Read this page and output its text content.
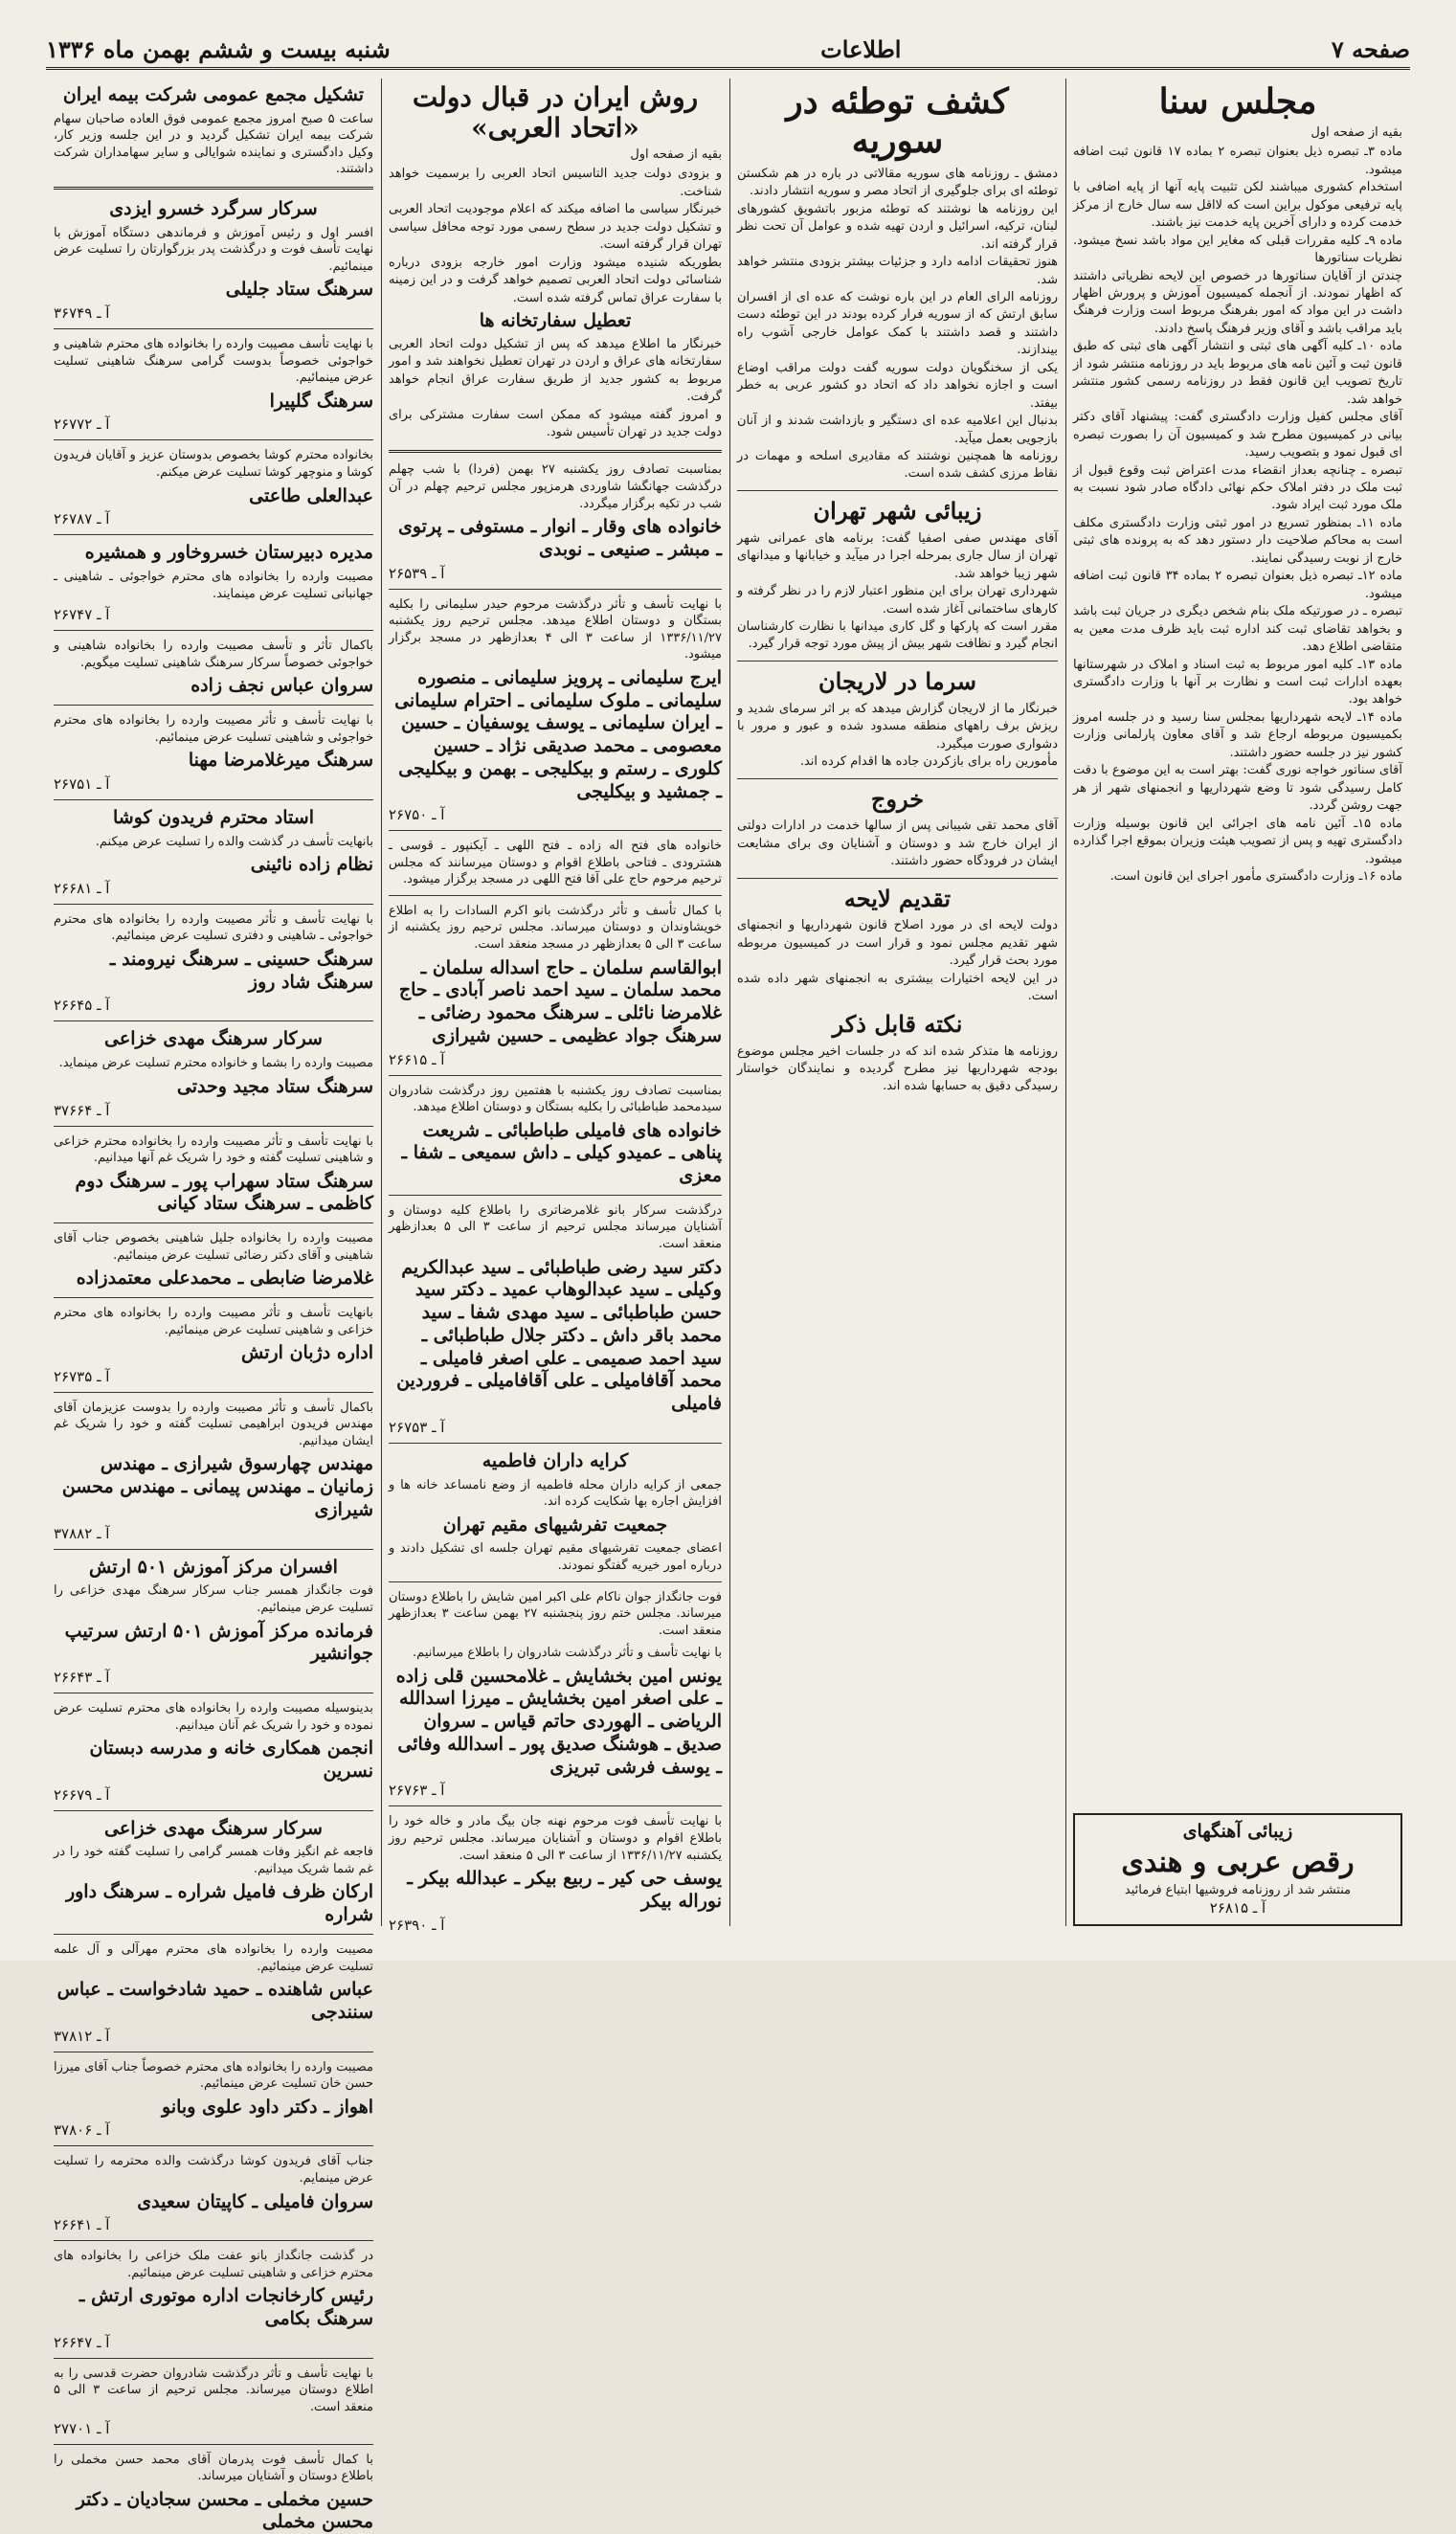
صفحه ۷
اطلاعات
شنبه بیست و ششم بهمن ماه ۱۳۳۶
مجلس سنا
بقیه از صفحه اول

ماده ۳ـ تبصره ذیل بعنوان تبصره ۲ بماده ۱۷ قانون ثبت اضافه میشود.

استخدام کشوری میباشند لکن تثبیت پایه آنها از پایه اضافی با پایه ترفیعی موکول براین است که لااقل سه سال خارج از مرکز خدمت کرده و دارای آخرین پایه خدمت نیز باشند.

ماده ۹ـ کلیه مقررات قبلی که مغایر این مواد باشد نسخ میشود. نظریات سناتورها

چندتن از آقایان سناتورها در خصوص این لایحه نظریاتی داشتند که اظهار نمودند. از آنجمله کمیسیون آموزش و پرورش اظهار داشت در این مواد که امور بفرهنگ مربوط است وزارت فرهنگ باید مراقب باشد و آقای وزیر فرهنگ پاسخ دادند.

ماده ۱۰ـ کلیه آگهی های ثبتی و انتشار آگهی های ثبتی که طبق قانون ثبت و آئین نامه های مربوط باید در روزنامه منتشر شود از تاریخ تصویب این قانون فقط در روزنامه رسمی کشور منتشر خواهد شد.

آقای مجلس کفیل وزارت دادگستری گفت: پیشنهاد آقای دکتر بیانی در کمیسیون مطرح شد و کمیسیون آن را بصورت تبصره ای قبول نمود و بتصویب رسید.

تبصره ـ چنانچه بعداز انقضاء مدت اعتراض ثبت وقوع قبول از ثبت ملک در دفتر املاک حکم نهائی دادگاه صادر شود نسبت به ملک مورد ثبت ایراد شود.

ماده ۱۱ـ بمنظور تسریع در امور ثبتی وزارت دادگستری مکلف است به محاکم صلاحیت دار دستور دهد که به پرونده های ثبتی خارج از نوبت رسیدگی نمایند.

ماده ۱۲ـ تبصره ذیل بعنوان تبصره ۲ بماده ۳۴ قانون ثبت اضافه میشود.

تبصره ـ در صورتیکه ملک بنام شخص دیگری در جریان ثبت باشد و بخواهد تقاضای ثبت کند اداره ثبت باید ظرف مدت معین به متقاضی اطلاع دهد.

ماده ۱۳ـ کلیه امور مربوط به ثبت اسناد و املاک در شهرستانها بعهده ادارات ثبت است و نظارت بر آنها با وزارت دادگستری خواهد بود.

ماده ۱۴ـ لایحه شهرداریها بمجلس سنا رسید و در جلسه امروز بکمیسیون مربوطه ارجاع شد و آقای معاون پارلمانی وزارت کشور نیز در جلسه حضور داشتند.

آقای سناتور خواجه نوری گفت: بهتر است به این موضوع با دقت کامل رسیدگی شود تا وضع شهرداریها و انجمنهای شهر از هر جهت روشن گردد.

ماده ۱۵ـ آئین نامه های اجرائی این قانون بوسیله وزارت دادگستری تهیه و پس از تصویب هیئت وزیران بموقع اجرا گذارده میشود.

ماده ۱۶ـ وزارت دادگستری مأمور اجرای این قانون است.

زیبائی آهنگهای
رقص عربی و هندی
منتشر شد از روزنامه فروشیها ابتیاع فرمائید
آ ـ ۲۶۸۱۵
کشف توطئه در سوریه

دمشق ـ روزنامه های سوریه مقالاتی در باره در هم شکستن توطئه ای برای جلوگیری از اتحاد مصر و سوریه انتشار دادند.

این روزنامه ها نوشتند که توطئه مزبور باتشویق کشورهای لبنان، ترکیه، اسرائیل و اردن تهیه شده و عوامل آن تحت نظر قرار گرفته اند.

هنوز تحقیقات ادامه دارد و جزئیات بیشتر بزودی منتشر خواهد شد.

روزنامه الرای العام در این باره نوشت که عده ای از افسران سابق ارتش که از سوریه فرار کرده بودند در این توطئه دست داشتند و قصد داشتند با کمک عوامل خارجی آشوب راه بیندازند.

یکی از سخنگویان دولت سوریه گفت دولت مراقب اوضاع است و اجازه نخواهد داد که اتحاد دو کشور عربی به خطر بیفتد.

بدنبال این اعلامیه عده ای دستگیر و بازداشت شدند و از آنان بازجویی بعمل میآید.

روزنامه ها همچنین نوشتند که مقادیری اسلحه و مهمات در نقاط مرزی کشف شده است.

زیبائی شهر تهران

آقای مهندس صفی اصفیا گفت: برنامه های عمرانی شهر تهران از سال جاری بمرحله اجرا در میآید و خیابانها و میدانهای شهر زیبا خواهد شد.

شهرداری تهران برای این منظور اعتبار لازم را در نظر گرفته و کارهای ساختمانی آغاز شده است.

مقرر است که پارکها و گل کاری میدانها با نظارت کارشناسان انجام گیرد و نظافت شهر بیش از پیش مورد توجه قرار گیرد.

سرما در لاریجان

خبرنگار ما از لاریجان گزارش میدهد که بر اثر سرمای شدید و ریزش برف راههای منطقه مسدود شده و عبور و مرور با دشواری صورت میگیرد.

مأمورین راه برای بازکردن جاده ها اقدام کرده اند.

خروج

آقای محمد تقی شیبانی پس از سالها خدمت در ادارات دولتی از ایران خارج شد و دوستان و آشنایان وی برای مشایعت ایشان در فرودگاه حضور داشتند.

تقدیم لایحه

دولت لایحه ای در مورد اصلاح قانون شهرداریها و انجمنهای شهر تقدیم مجلس نمود و قرار است در کمیسیون مربوطه مورد بحث قرار گیرد.

در این لایحه اختیارات بیشتری به انجمنهای شهر داده شده است.

نکته قابل ذکر

روزنامه ها متذکر شده اند که در جلسات اخیر مجلس موضوع بودجه شهرداریها نیز مطرح گردیده و نمایندگان خواستار رسیدگی دقیق به حسابها شده اند.

روش ایران در قبال دولت «اتحاد العربی»
بقیه از صفحه اول

و بزودی دولت جدید التاسیس اتحاد العربی را برسمیت خواهد شناخت.

خبرنگار سیاسی ما اضافه میکند که اعلام موجودیت اتحاد العربی و تشکیل دولت جدید در سطح رسمی مورد توجه محافل سیاسی تهران قرار گرفته است.

بطوریکه شنیده میشود وزارت امور خارجه بزودی درباره شناسائی دولت اتحاد العربی تصمیم خواهد گرفت و در این زمینه با سفارت عراق تماس گرفته شده است.

تعطیل سفارتخانه ها

خبرنگار ما اطلاع میدهد که پس از تشکیل دولت اتحاد العربی سفارتخانه های عراق و اردن در تهران تعطیل نخواهند شد و امور مربوط به کشور جدید از طریق سفارت عراق انجام خواهد گرفت.

و امروز گفته میشود که ممکن است سفارت مشترکی برای دولت جدید در تهران تأسیس شود.

بمناسبت تصادف روز یکشنبه ۲۷ بهمن (فردا) با شب چهلم درگذشت جهانگشا شاوردی هرمزپور مجلس ترحیم چهلم در آن شب در تکیه برگزار میگردد.

خانواده های وقار ـ انوار ـ مستوفی ـ پرتوی ـ مبشر ـ صنیعی ـ نوبدی
آ ـ ۲۶۵۳۹

با نهایت تأسف و تأثر درگذشت مرحوم حیدر سلیمانی را بکلیه بستگان و دوستان اطلاع میدهد. مجلس ترحیم روز یکشنبه ۱۳۳۶/۱۱/۲۷ از ساعت ۳ الی ۴ بعدازظهر در مسجد برگزار میشود.

ایرج سلیمانی ـ پرویز سلیمانی ـ منصوره سلیمانی ـ ملوک سلیمانی ـ احترام سلیمانی ـ ایران سلیمانی ـ یوسف یوسفیان ـ حسین معصومی ـ محمد صدیقی نژاد ـ حسین کلوری ـ رستم و بیکلیجی ـ بهمن و بیکلیجی ـ جمشید و بیکلیجی
آ ـ ۲۶۷۵۰

خانواده های فتح اله زاده ـ فتح اللهی ـ آیکنپور ـ قوسی ـ هشترودی ـ فتاحی باطلاع اقوام و دوستان میرسانند که مجلس ترحیم مرحوم حاج علی آقا فتح اللهی در مسجد برگزار میشود.

با کمال تأسف و تأثر درگذشت بانو اکرم السادات را به اطلاع خویشاوندان و دوستان میرساند. مجلس ترحیم روز یکشنبه از ساعت ۳ الی ۵ بعدازظهر در مسجد منعقد است.

ابوالقاسم سلمان ـ حاج اسداله سلمان ـ محمد سلمان ـ سید احمد ناصر آبادی ـ حاج غلامرضا نائلی ـ سرهنگ محمود رضائی ـ سرهنگ جواد عظیمی ـ حسین شیرازی
آ ـ ۲۶۶۱۵

بمناسبت تصادف روز یکشنبه با هفتمین روز درگذشت شادروان سیدمحمد طباطبائی را بکلیه بستگان و دوستان اطلاع میدهد.

خانواده های فامیلی طباطبائی ـ شریعت پناهی ـ عمیدو کیلی ـ داش سمیعی ـ شفا ـ معزی

درگذشت سرکار بانو غلامرضاتری را باطلاع کلیه دوستان و آشنایان میرساند مجلس ترحیم از ساعت ۳ الی ۵ بعدازظهر منعقد است.

دکتر سید رضی طباطبائی ـ سید عبدالکریم وکیلی ـ سید عبدالوهاب عمید ـ دکتر سید حسن طباطبائی ـ سید مهدی شفا ـ سید محمد باقر داش ـ دکتر جلال طباطبائی ـ سید احمد صمیمی ـ علی اصغر فامیلی ـ محمد آقافامیلی ـ علی آقافامیلی ـ فروردین فامیلی
آ ـ ۲۶۷۵۳
کرایه داران فاطمیه

جمعی از کرایه داران محله فاطمیه از وضع نامساعد خانه ها و افزایش اجاره بها شکایت کرده اند.

جمعیت تفرشیهای مقیم تهران

اعضای جمعیت تفرشیهای مقیم تهران جلسه ای تشکیل دادند و درباره امور خیریه گفتگو نمودند.

فوت جانگداز جوان ناکام علی اکبر امین شایش را باطلاع دوستان میرساند. مجلس ختم روز پنجشنبه ۲۷ بهمن ساعت ۳ بعدازظهر منعقد است.

با نهایت تأسف و تأثر درگذشت شادروان را باطلاع میرسانیم.

یونس امین بخشایش ـ غلامحسین قلی زاده ـ علی اصغر امین بخشایش ـ میرزا اسدالله الرياضی ـ الهوردی حاتم قیاس ـ سروان صدیق ـ هوشنگ صدیق پور ـ اسدالله وفائی ـ یوسف فرشی تبریزی
آ ـ ۲۶۷۶۳

با نهایت تأسف فوت مرحوم نهنه جان بیگ مادر و خاله خود را باطلاع اقوام و دوستان و آشنایان میرساند. مجلس ترحیم روز یکشنبه ۱۳۳۶/۱۱/۲۷ از ساعت ۳ الی ۵ منعقد است.

یوسف حی کیر ـ ربیع بیکر ـ عبدالله بیکر ـ نوراله بیکر
آ ـ ۲۶۳۹۰
تشکیل مجمع عمومی شرکت بیمه ایران

ساعت ۵ صبح امروز مجمع عمومی فوق العاده صاحبان سهام شرکت بیمه ایران تشکیل گردید و در این جلسه وزیر کار، وکیل دادگستری و نماینده شوایالی و سایر سهامداران شرکت داشتند.

سرکار سرگرد خسرو ایزدی

افسر اول و رئیس آموزش و فرماندهی دستگاه آموزش با نهایت تأسف فوت و درگذشت پدر بزرگوارتان را تسلیت عرض مینمائیم.

سرهنگ ستاد جلیلی
آ ـ ۳۶۷۴۹

با نهایت تأسف مصیبت وارده را بخانواده های محترم شاهینی و خواجوئی خصوصاً بدوست گرامی سرهنگ شاهینی تسلیت عرض مینمائیم.

سرهنگ گلپیرا
آ ـ ۲۶۷۷۲

بخانواده محترم کوشا بخصوص بدوستان عزیز و آقایان فریدون کوشا و منوچهر کوشا تسلیت عرض میکنم.

عبدالعلی طاعتی
آ ـ ۲۶۷۸۷
مدیره دبیرستان خسروخاور و همشیره

مصیبت وارده را بخانواده های محترم خواجوئی ـ شاهینی ـ جهانبانی تسلیت عرض مینمایند.

آ ـ ۲۶۷۴۷

باکمال تأثر و تأسف مصیبت وارده را بخانواده شاهینی و خواجوئی خصوصاً سرکار سرهنگ شاهینی تسلیت میگویم.

سروان عباس نجف زاده

با نهایت تأسف و تأثر مصیبت وارده را بخانواده های محترم خواجوئی و شاهینی تسلیت عرض مینمائیم.

سرهنگ میرغلامرضا مهنا
آ ـ ۲۶۷۵۱
استاد محترم فریدون کوشا

بانهایت تأسف در گذشت والده را تسلیت عرض میکنم.

نظام زاده نائینی
آ ـ ۲۶۶۸۱

با نهایت تأسف و تأثر مصیبت وارده را بخانواده های محترم خواجوئی ـ شاهینی و دفتری تسلیت عرض مینمائیم.

سرهنگ حسینی ـ سرهنگ نیرومند ـ سرهنگ شاد روز
آ ـ ۲۶۶۴۵
سرکار سرهنگ مهدی خزاعی

مصیبت وارده را بشما و خانواده محترم تسلیت عرض مینماید.

سرهنگ ستاد مجید وحدتی
آ ـ ۳۷۶۶۴

با نهایت تأسف و تأثر مصیبت وارده را بخانواده محترم خزاعی و شاهینی تسلیت گفته و خود را شریک غم آنها میدانیم.

سرهنگ ستاد سهراب پور ـ سرهنگ دوم کاظمی ـ سرهنگ ستاد کیانی

مصیبت وارده را بخانواده جلیل شاهینی بخصوص جناب آقای شاهینی و آقای دکتر رضائی تسلیت عرض مینمائیم.

غلامرضا ضابطی ـ محمدعلی معتمدزاده

بانهایت تأسف و تأثر مصیبت وارده را بخانواده های محترم خزاعی و شاهینی تسلیت عرض مینمائیم.

اداره دژبان ارتش
آ ـ ۲۶۷۳۵

باکمال تأسف و تأثر مصیبت وارده را بدوست عزیزمان آقای مهندس فریدون ابراهیمی تسلیت گفته و خود را شریک غم ایشان میدانیم.

مهندس چهارسوق شیرازی ـ مهندس زمانیان ـ مهندس پیمانی ـ مهندس محسن شیرازی
آ ـ ۳۷۸۸۲
افسران مرکز آموزش ۵۰۱ ارتش

فوت جانگداز همسر جناب سرکار سرهنگ مهدی خزاعی را تسلیت عرض مینمائیم.

فرمانده مرکز آموزش ۵۰۱ ارتش سرتیپ جوانشیر
آ ـ ۲۶۶۴۳

بدینوسیله مصیبت وارده را بخانواده های محترم تسلیت عرض نموده و خود را شریک غم آنان میدانیم.

انجمن همکاری خانه و مدرسه دبستان نسرین
آ ـ ۲۶۶۷۹
سرکار سرهنگ مهدی خزاعی

فاجعه غم انگیز وفات همسر گرامی را تسلیت گفته خود را در غم شما شریک میدانیم.

ارکان ظرف فامیل شراره ـ سرهنگ داور شراره

مصیبت وارده را بخانواده های محترم مهرآلی و آل علمه تسلیت عرض مینمائیم.

عباس شاهنده ـ حمید شادخواست ـ عباس سنندجی
آ ـ ۳۷۸۱۲

مصیبت وارده را بخانواده های محترم خصوصاً جناب آقای میرزا حسن خان تسلیت عرض مینمائیم.

اهواز ـ دکتر داود علوی وبانو
آ ـ ۳۷۸۰۶

جناب آقای فریدون کوشا درگذشت والده محترمه را تسلیت عرض مینمایم.

سروان فامیلی ـ کاپیتان سعیدی
آ ـ ۲۶۶۴۱

در گذشت جانگداز بانو عفت ملک خزاعی را بخانواده های محترم خزاعی و شاهینی تسلیت عرض مینمائیم.

رئیس کارخانجات اداره موتوری ارتش ـ سرهنگ بکامی
آ ـ ۲۶۶۴۷

با نهایت تأسف و تأثر درگذشت شادروان حضرت قدسی را به اطلاع دوستان میرساند. مجلس ترحیم از ساعت ۳ الی ۵ منعقد است.

آ ـ ۲۷۷۰۱

با کمال تأسف فوت پدرمان آقای محمد حسن مخملی را باطلاع دوستان و آشنایان میرساند.

حسین مخملی ـ محسن سجادیان ـ دکتر محسن مخملی
